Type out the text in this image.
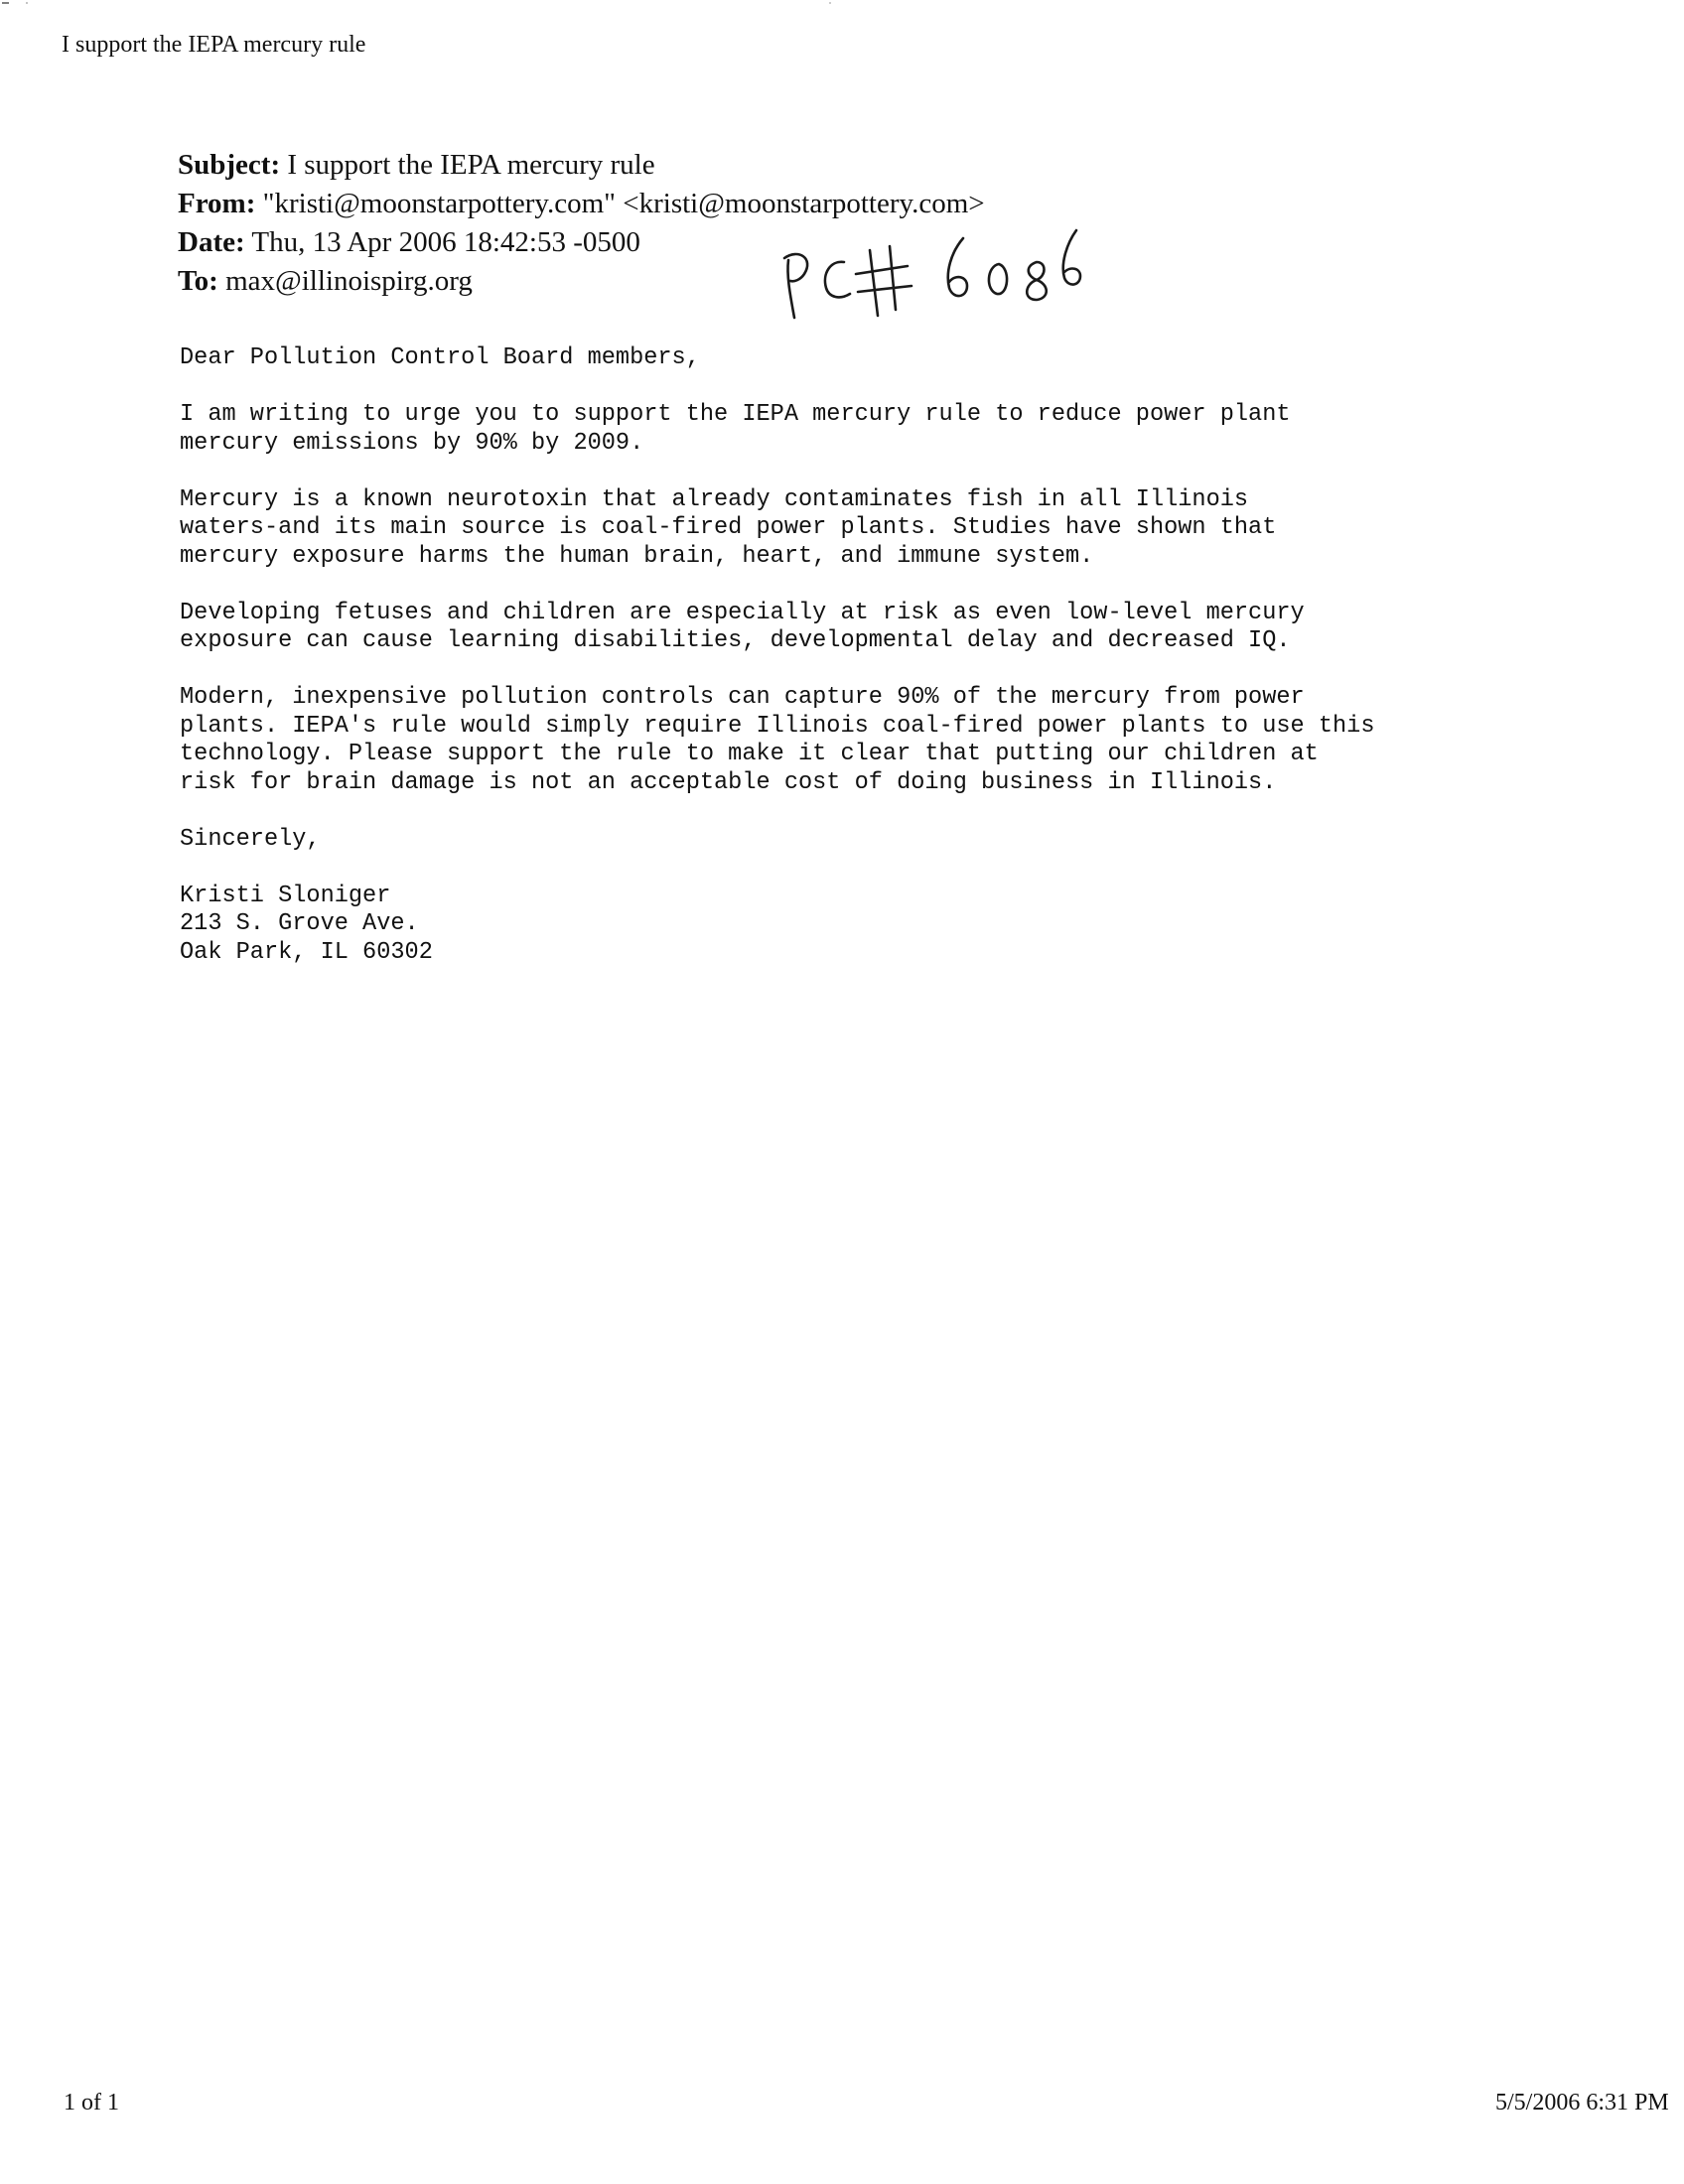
I support the IEPA mercury rule
Subject: I support the IEPA mercury rule
From: "kristi@moonstarpottery.com" <kristi@moonstarpottery.com>
Date: Thu, 13 Apr 2006 18:42:53 -0500
To: max@illinoispirg.org
Dear Pollution Control Board members,
I am writing to urge you to support the IEPA mercury rule to reduce power plant
mercury emissions by 90% by 2009.
Mercury is a known neurotoxin that already contaminates fish in all Illinois
waters-and its main source is coal-fired power plants. Studies have shown that
mercury exposure harms the human brain, heart, and immune system.
Developing fetuses and children are especially at risk as even low-level mercury
exposure can cause learning disabilities, developmental delay and decreased IQ.
Modern, inexpensive pollution controls can capture 90% of the mercury from power
plants. IEPA's rule would simply require Illinois coal-fired power plants to use this
technology. Please support the rule to make it clear that putting our children at
risk for brain damage is not an acceptable cost of doing business in Illinois.
Sincerely,
Kristi Sloniger
213 S. Grove Ave.
Oak Park, IL 60302
1 of 1	5/5/2006 6:31 PM
